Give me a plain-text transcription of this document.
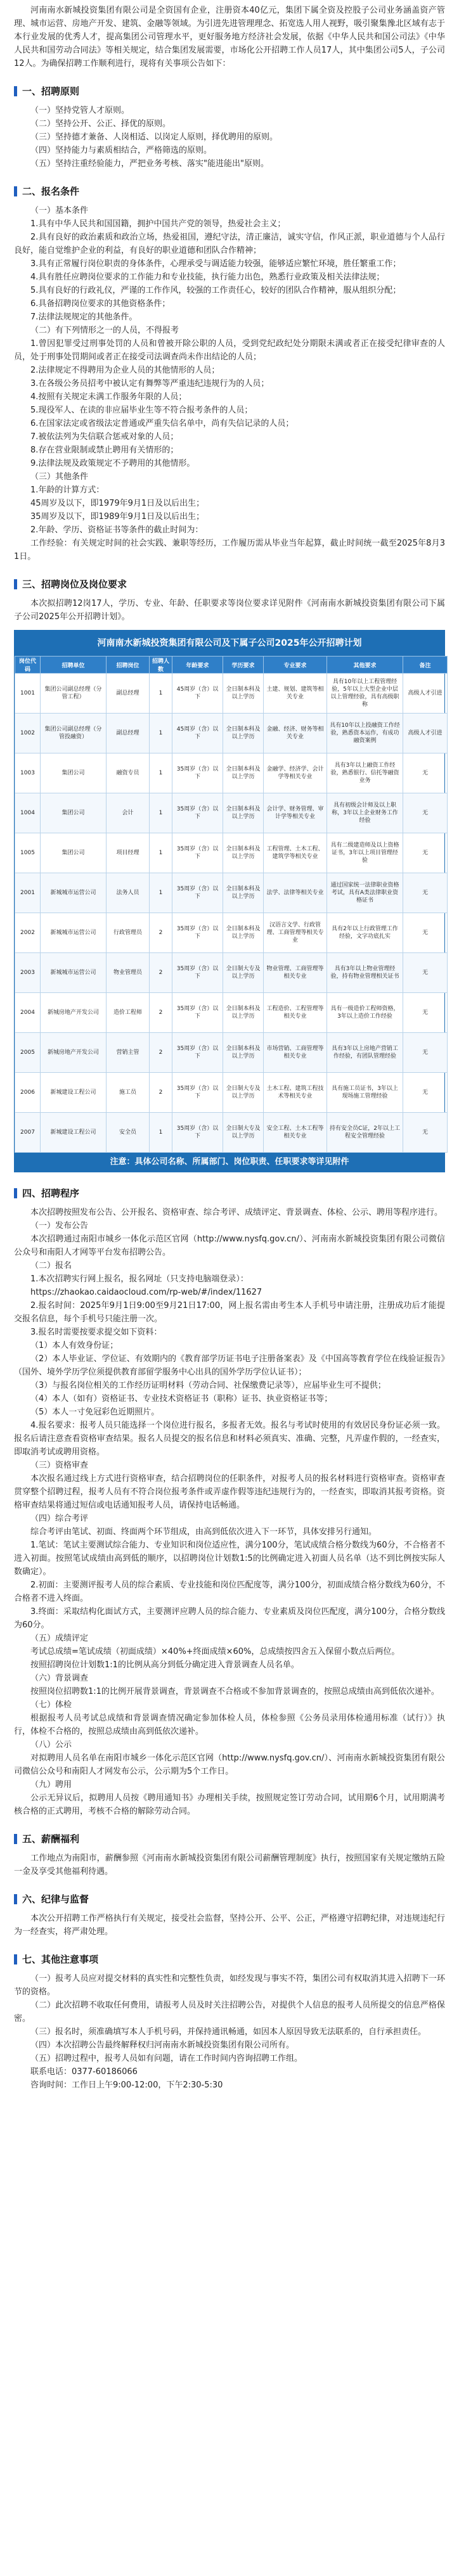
河南南水新城投资集团有限公司是全资国有企业，注册资本40亿元，集团下属全资及控股子公司业务涵盖资产管理、城市运营、房地产开发、建筑、金融等领域。为引进先进管理理念、拓宽选人用人视野，吸引聚集豫北区域有志于本行业发展的优秀人才，提高集团公司管理水平，更好服务地方经济社会发展，依据《中华人民共和国公司法》《中华人民共和国劳动合同法》等相关规定，结合集团发展需要，市场化公开招聘工作人员17人，其中集团公司5人，子公司12人。为确保招聘工作顺利进行，现将有关事项公告如下：

一、招聘原则

（一）坚持党管人才原则。

（二）坚持公开、公正、择优的原则。

（三）坚持德才兼备、人岗相适、以岗定人原则，择优聘用的原则。

（四）坚持能力与素质相结合，严格筛选的原则。

（五）坚持注重经验能力，严把业务考核、落实"能进能出"原则。

二、报名条件

（一）基本条件

1.具有中华人民共和国国籍，拥护中国共产党的领导，热爱社会主义；

2.具有良好的政治素质和政治立场，热爱祖国，遵纪守法，清正廉洁，诚实守信，作风正派，职业道德与个人品行良好，能自觉维护企业的利益，有良好的职业道德和团队合作精神；

3.具有正常履行岗位职责的身体条件，心理承受与调适能力较强，能够适应繁忙环境，胜任繁重工作；

4.具有胜任应聘岗位要求的工作能力和专业技能，执行能力出色，熟悉行业政策及相关法律法规；

5.具有良好的行政礼仪，严谨的工作作风，较强的工作责任心，较好的团队合作精神，服从组织分配；

6.具备招聘岗位要求的其他资格条件；

7.法律法规规定的其他条件。

（二）有下列情形之一的人员，不得报考

1.曾因犯罪受过刑事处罚的人员和曾被开除公职的人员，受到党纪政纪处分期限未满或者正在接受纪律审查的人员，处于刑事处罚期间或者正在接受司法调查尚未作出结论的人员；

2.法律规定不得聘用为企业人员的其他情形的人员；

3.在各级公务员招考中被认定有舞弊等严重违纪违规行为的人员；

4.按照有关规定未满工作服务年限的人员；

5.现役军人、在读的非应届毕业生等不符合报考条件的人员；

6.在国家法定或省级法定普通或严重失信名单中，尚有失信记录的人员；

7.被依法列为失信联合惩戒对象的人员；

8.存在营业限制或禁止聘用有关情形的；

9.法律法规及政策规定不予聘用的其他情形。

（三）其他条件

1.年龄的计算方式：

45周岁及以下，即1979年9月1日及以后出生；

35周岁及以下，即1989年9月1日及以后出生；

2.年龄、学历、资格证书等条件的截止时间为：

工作经验：有关规定时间的社会实践、兼职等经历，工作履历需从毕业当年起算，截止时间统一截至2025年8月31日。

三、招聘岗位及岗位要求

本次拟招聘12岗17人，学历、专业、年龄、任职要求等岗位要求详见附件《河南南水新城投资集团有限公司下属子公司2025年公开招聘计划》。

河南南水新城投资集团有限公司及下属子公司2025年公开招聘计划
岗位代码	招聘单位	招聘岗位	招聘人数	年龄要求	学历要求	专业要求	其他要求	备注
1001	集团公司副总经理（分管工程）	副总经理	1	45周岁（含）以下	全日制本科及以上学历	土建、规划、建筑等相关专业	具有10年以上工程管理经验，5年以上大型企业中层以上管理经验，具有高级职称	高级人才引进
1002	集团公司副总经理（分管投融资）	副总经理	1	45周岁（含）以下	全日制本科及以上学历	金融、经济、财务等相关专业	具有10年以上投融资工作经验，熟悉资本运作，有成功融资案例	高级人才引进
1003	集团公司	融资专员	1	35周岁（含）以下	全日制本科及以上学历	金融学、经济学、会计学等相关专业	具有3年以上融资工作经验，熟悉银行、信托等融资业务	无
1004	集团公司	会计	1	35周岁（含）以下	全日制本科及以上学历	会计学、财务管理、审计学等相关专业	具有初级会计师及以上职称，3年以上企业财务工作经验	无
1005	集团公司	项目经理	1	35周岁（含）以下	全日制本科及以上学历	工程管理、土木工程、建筑学等相关专业	具有二级建造师及以上资格证书，3年以上项目管理经验	无
2001	新城城市运营公司	法务人员	1	35周岁（含）以下	全日制本科及以上学历	法学、法律等相关专业	通过国家统一法律职业资格考试，具有A类法律职业资格证书	无
2002	新城城市运营公司	行政管理员	2	35周岁（含）以下	全日制本科及以上学历	汉语言文学、行政管理、工商管理等相关专业	具有2年以上行政管理工作经验，文字功底扎实	无
2003	新城城市运营公司	物业管理员	2	35周岁（含）以下	全日制大专及以上学历	物业管理、工商管理等相关专业	具有3年以上物业管理经验，持有物业管理相关证书	无
2004	新城房地产开发公司	造价工程师	2	35周岁（含）以下	全日制本科及以上学历	工程造价、工程管理等相关专业	具有一级造价工程师资格，3年以上造价工作经验	无
2005	新城房地产开发公司	营销主管	2	35周岁（含）以下	全日制本科及以上学历	市场营销、工商管理等相关专业	具有3年以上房地产营销工作经验，有团队管理经验	无
2006	新城建设工程公司	施工员	2	35周岁（含）以下	全日制大专及以上学历	土木工程、建筑工程技术等相关专业	具有施工员证书，3年以上现场施工管理经验	无
2007	新城建设工程公司	安全员	1	35周岁（含）以下	全日制大专及以上学历	安全工程、土木工程等相关专业	持有安全员C证，2年以上工程安全管理经验	无
注意：具体公司名称、所属部门、岗位职责、任职要求等详见附件
四、招聘程序

本次招聘按照发布公告、公开报名、资格审查、综合考评、成绩评定、背景调查、体检、公示、聘用等程序进行。

（一）发布公告

本次招聘通过南阳市城乡一体化示范区官网（http://www.nysfq.gov.cn/）、河南南水新城投资集团有限公司微信公众号和南阳人才网等平台发布招聘公告。

（二）报名

1.本次招聘实行网上报名，报名网址（只支持电脑端登录）：

https://zhaokao.caidaocloud.com/rp-web/#/index/11627

2.报名时间：2025年9月1日9:00至9月21日17:00，网上报名需由考生本人手机号申请注册，注册成功后才能提交报名信息，每个手机号只能注册一次。

3.报名时需要按要求提交如下资料：

（1）本人有效身份证；

（2）本人毕业证、学位证、有效期内的《教育部学历证书电子注册备案表》及《中国高等教育学位在线验证报告》（国外、境外学历学位须提供教育部留学服务中心出具的国外学历学位认证书）；

（3）与报名岗位相关的工作经历证明材料（劳动合同、社保缴费记录等），应届毕业生可不提供；

（4）本人（如有）资格证书、专业技术资格证书（职称）证书、执业资格证书等；

（5）本人一寸免冠彩色近期照片。

4.报名要求：报考人员只能选择一个岗位进行报名，多报者无效。报名与考试时使用的有效居民身份证必须一致。报名后请注意查看资格审查结果。报名人员提交的报名信息和材料必须真实、准确、完整，凡弄虚作假的，一经查实，即取消考试或聘用资格。

（三）资格审查

本次报名通过线上方式进行资格审查，结合招聘岗位的任职条件，对报考人员的报名材料进行资格审查。资格审查贯穿整个招聘过程，报考人员有不符合岗位报考条件或弄虚作假等违纪违规行为的，一经查实，即取消其报考资格。资格审查结果将通过短信或电话通知报考人员，请保持电话畅通。

（四）综合考评

综合考评由笔试、初面、终面两个环节组成，由高到低依次进入下一环节，具体安排另行通知。

1.笔试：笔试主要测试综合能力、专业知识和岗位适应性，满分100分，笔试成绩合格分数线为60分，不合格者不进入初面。按照笔试成绩由高到低的顺序，以招聘岗位计划数1:5的比例确定进入初面人员名单（达不到比例按实际人数确定）。

2.初面：主要测评报考人员的综合素质、专业技能和岗位匹配度等，满分100分，初面成绩合格分数线为60分，不合格者不进入终面。

3.终面：采取结构化面试方式，主要测评应聘人员的综合能力、专业素质及岗位匹配度，满分100分，合格分数线为60分。

（五）成绩评定

考试总成绩=笔试成绩（初面成绩）×40%+终面成绩×60%，总成绩按四舍五入保留小数点后两位。

按照招聘岗位计划数1:1的比例从高分到低分确定进入背景调查人员名单。

（六）背景调查

按照岗位招聘数1:1的比例开展背景调查，背景调查不合格或不参加背景调查的，按照总成绩由高到低依次递补。

（七）体检

根据报考人员考试总成绩和背景调查情况确定参加体检人员，体检参照《公务员录用体检通用标准（试行）》执行，体检不合格的，按照总成绩由高到低依次递补。

（八）公示

对拟聘用人员名单在南阳市城乡一体化示范区官网（http://www.nysfq.gov.cn/）、河南南水新城投资集团有限公司微信公众号和南阳人才网发布公示，公示期为5个工作日。

（九）聘用

公示无异议后，拟聘用人员按《聘用通知书》办理相关手续，按照规定签订劳动合同，试用期6个月，试用期满考核合格的正式聘用，考核不合格的解除劳动合同。

五、薪酬福利

工作地点为南阳市，薪酬参照《河南南水新城投资集团有限公司薪酬管理制度》执行，按照国家有关规定缴纳五险一金及享受其他福利待遇。

六、纪律与监督

本次公开招聘工作严格执行有关规定，接受社会监督，坚持公开、公平、公正，严格遵守招聘纪律，对违规违纪行为一经查实，将严肃处理。

七、其他注意事项

（一）报考人员应对提交材料的真实性和完整性负责，如经发现与事实不符，集团公司有权取消其进入招聘下一环节的资格。

（二）此次招聘不收取任何费用，请报考人员及时关注招聘公告，对提供个人信息的报考人员所提交的信息严格保密。

（三）报名时，须准确填写本人手机号码，并保持通讯畅通，如因本人原因导致无法联系的，自行承担责任。

（四）本次招聘公告最终解释权归河南南水新城投资集团有限公司所有。

（五）招聘过程中，报考人员如有问题，请在工作时间内咨询招聘工作组。

联系电话：0377-60186066

咨询时间：工作日上午9:00-12:00，下午2:30-5:30
